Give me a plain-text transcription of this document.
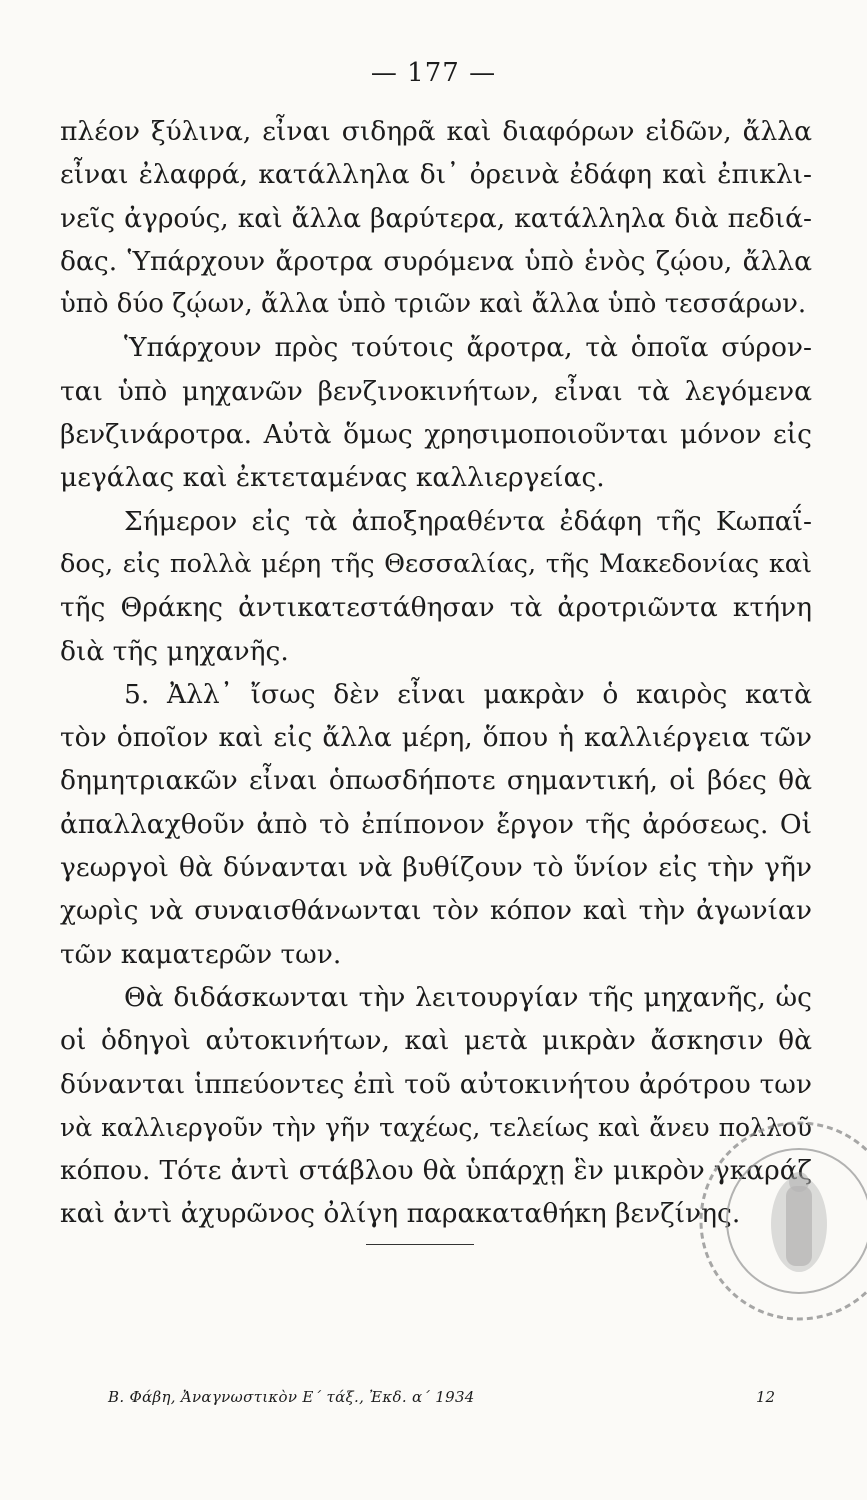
— 177 —
πλέον ξύλινα, εἶναι σιδηρᾶ καὶ διαφόρων εἰδῶν, ἄλλα
εἶναι ἐλαφρά, κατάλληλα δι᾿ ὀρεινὰ ἐδάφη καὶ ἐπικλι-
νεῖς ἀγρούς, καὶ ἄλλα βαρύτερα, κατάλληλα διὰ πεδιά-
δας. Ὑπάρχουν ἄροτρα συρόμενα ὑπὸ ἑνὸς ζῴου, ἄλλα
ὑπὸ δύο ζῴων, ἄλλα ὑπὸ τριῶν καὶ ἄλλα ὑπὸ τεσσάρων.
Ὑπάρχουν πρὸς τούτοις ἄροτρα, τὰ ὁποῖα σύρον-
ται ὑπὸ μηχανῶν βενζινοκινήτων, εἶναι τὰ λεγόμενα
βενζινάροτρα. Αὐτὰ ὅμως χρησιμοποιοῦνται μόνον εἰς
μεγάλας καὶ ἐκτεταμένας καλλιεργείας.
Σήμερον εἰς τὰ ἀποξηραθέντα ἐδάφη τῆς Κωπαΐ-
δος, εἰς πολλὰ μέρη τῆς Θεσσαλίας, τῆς Μακεδονίας καὶ
τῆς Θράκης ἀντικατεστάθησαν τὰ ἀροτριῶντα κτήνη
διὰ τῆς μηχανῆς.
5. Ἀλλ᾿ ἴσως δὲν εἶναι μακρὰν ὁ καιρὸς κατὰ
τὸν ὁποῖον καὶ εἰς ἄλλα μέρη, ὅπου ἡ καλλιέργεια τῶν
δημητριακῶν εἶναι ὁπωσδήποτε σημαντική, οἱ βόες θὰ
ἀπαλλαχθοῦν ἀπὸ τὸ ἐπίπονον ἔργον τῆς ἀρόσεως. Οἱ
γεωργοὶ θὰ δύνανται νὰ βυθίζουν τὸ ὕνίον εἰς τὴν γῆν
χωρὶς νὰ συναισθάνωνται τὸν κόπον καὶ τὴν ἀγωνίαν
τῶν καματερῶν των.
Θὰ διδάσκωνται τὴν λειτουργίαν τῆς μηχανῆς, ὡς
οἱ ὁδηγοὶ αὐτοκινήτων, καὶ μετὰ μικρὰν ἄσκησιν θὰ
δύνανται ἱππεύοντες ἐπὶ τοῦ αὐτοκινήτου ἀρότρου των
νὰ καλλιεργοῦν τὴν γῆν ταχέως, τελείως καὶ ἄνευ πολλοῦ
κόπου. Τότε ἀντὶ στάβλου θὰ ὑπάρχῃ ἓν μικρὸν γκαράζ
καὶ ἀντὶ ἀχυρῶνος ὀλίγη παρακαταθήκη βενζίνης.
Β. Φάβη, Ἀναγνωστικὸν Ε´ τάξ., Ἐκδ. α´ 1934	12
